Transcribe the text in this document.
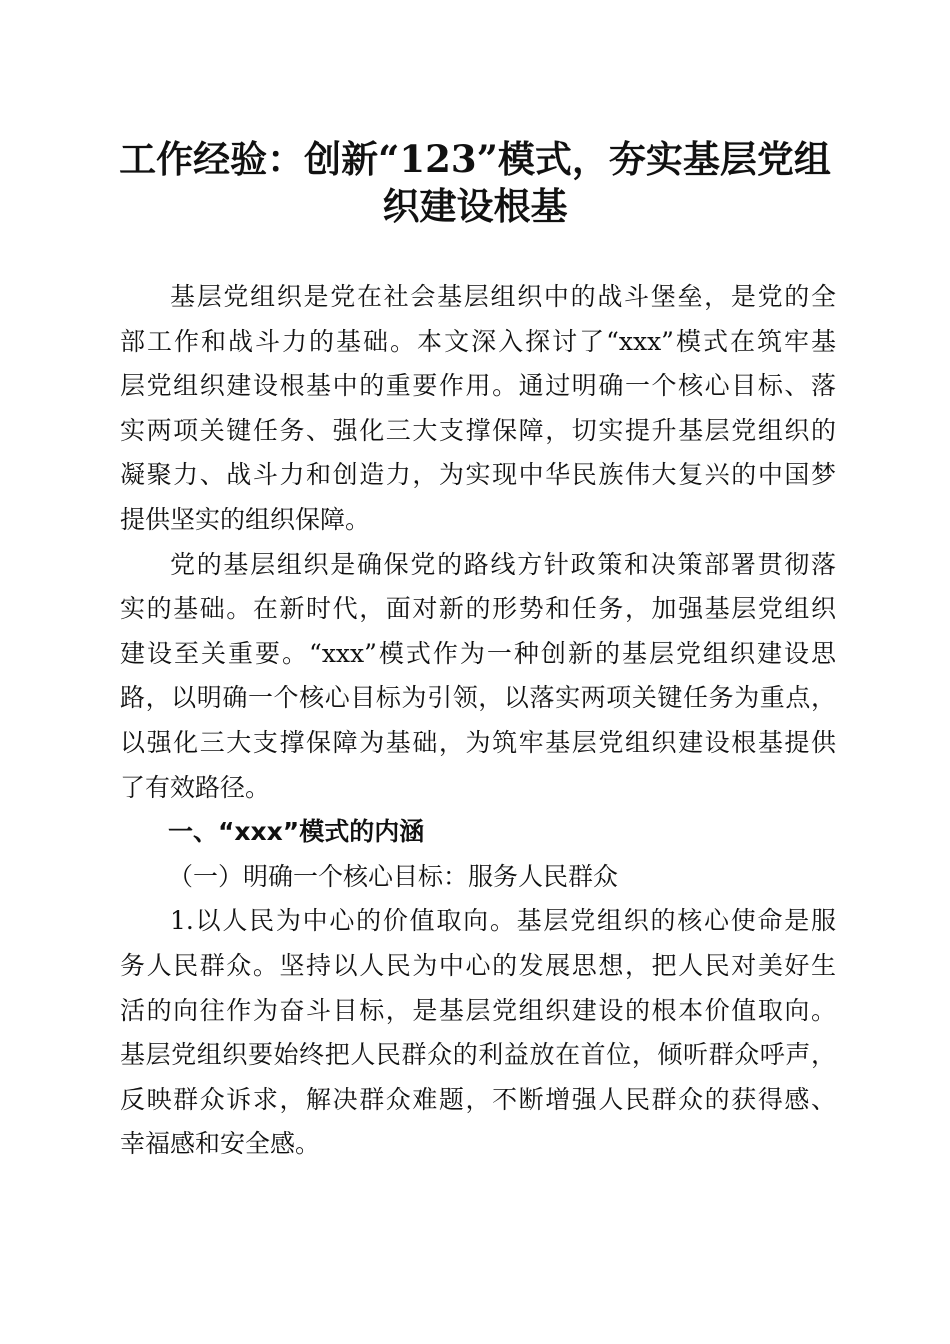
工作经验：创新“123”模式，夯实基层党组
织建设根基
基层党组织是党在社会基层组织中的战斗堡垒，是党的全
部工作和战斗力的基础。本文深入探讨了“xxx”模式在筑牢基
层党组织建设根基中的重要作用。通过明确一个核心目标、落
实两项关键任务、强化三大支撑保障，切实提升基层党组织的
凝聚力、战斗力和创造力，为实现中华民族伟大复兴的中国梦
提供坚实的组织保障。
党的基层组织是确保党的路线方针政策和决策部署贯彻落
实的基础。在新时代，面对新的形势和任务，加强基层党组织
建设至关重要。“xxx”模式作为一种创新的基层党组织建设思
路，以明确一个核心目标为引领，以落实两项关键任务为重点，
以强化三大支撑保障为基础，为筑牢基层党组织建设根基提供
了有效路径。
一、“xxx”模式的内涵
（一）明确一个核心目标：服务人民群众
1.以人民为中心的价值取向。基层党组织的核心使命是服
务人民群众。坚持以人民为中心的发展思想，把人民对美好生
活的向往作为奋斗目标，是基层党组织建设的根本价值取向。
基层党组织要始终把人民群众的利益放在首位，倾听群众呼声，
反映群众诉求，解决群众难题，不断增强人民群众的获得感、
幸福感和安全感。
